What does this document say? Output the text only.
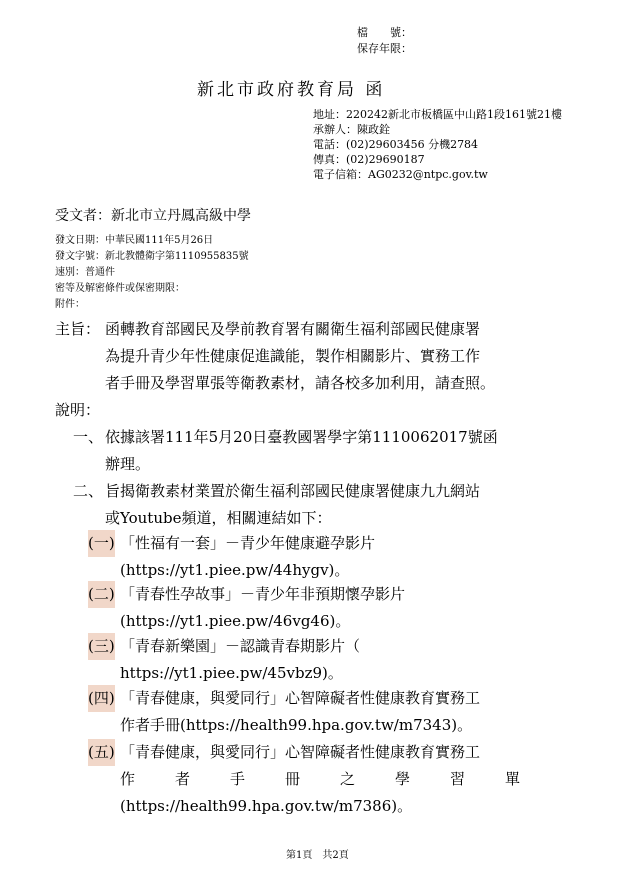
檔　　號：
保存年限：
新北市政府教育局 函
地址：220242新北市板橋區中山路1段161號21樓
承辦人：陳政銓
電話：(02)29603456 分機2784
傳真：(02)29690187
電子信箱：AG0232@ntpc.gov.tw
受文者：新北市立丹鳳高級中學
發文日期：中華民國111年5月26日
發文字號：新北教體衛字第1110955835號
速別：普通件
密等及解密條件或保密期限：
附件：
主旨： 函轉教育部國民及學前教育署有關衛生福利部國民健康署
為提升青少年性健康促進識能，製作相關影片、實務工作
者手冊及學習單張等衛教素材，請各校多加利用，請查照。
說明：
一、 依據該署111年5月20日臺教國署學字第1110062017號函
辦理。
二、 旨揭衛教素材業置於衛生福利部國民健康署健康九九網站
或Youtube頻道，相關連結如下：
(一) 「性福有一套」－青少年健康避孕影片
(https://yt1.piee.pw/44hygv)。
(二) 「青春性孕故事」－青少年非預期懷孕影片
(https://yt1.piee.pw/46vg46)。
(三) 「青春新樂園」－認識青春期影片（
https://yt1.piee.pw/45vbz9)。
(四) 「青春健康，與愛同行」心智障礙者性健康教育實務工
作者手冊(https://health99.hpa.gov.tw/m7343)。
(五) 「青春健康，與愛同行」心智障礙者性健康教育實務工
作者手冊之學習單
(https://health99.hpa.gov.tw/m7386)。
第1頁　共2頁
